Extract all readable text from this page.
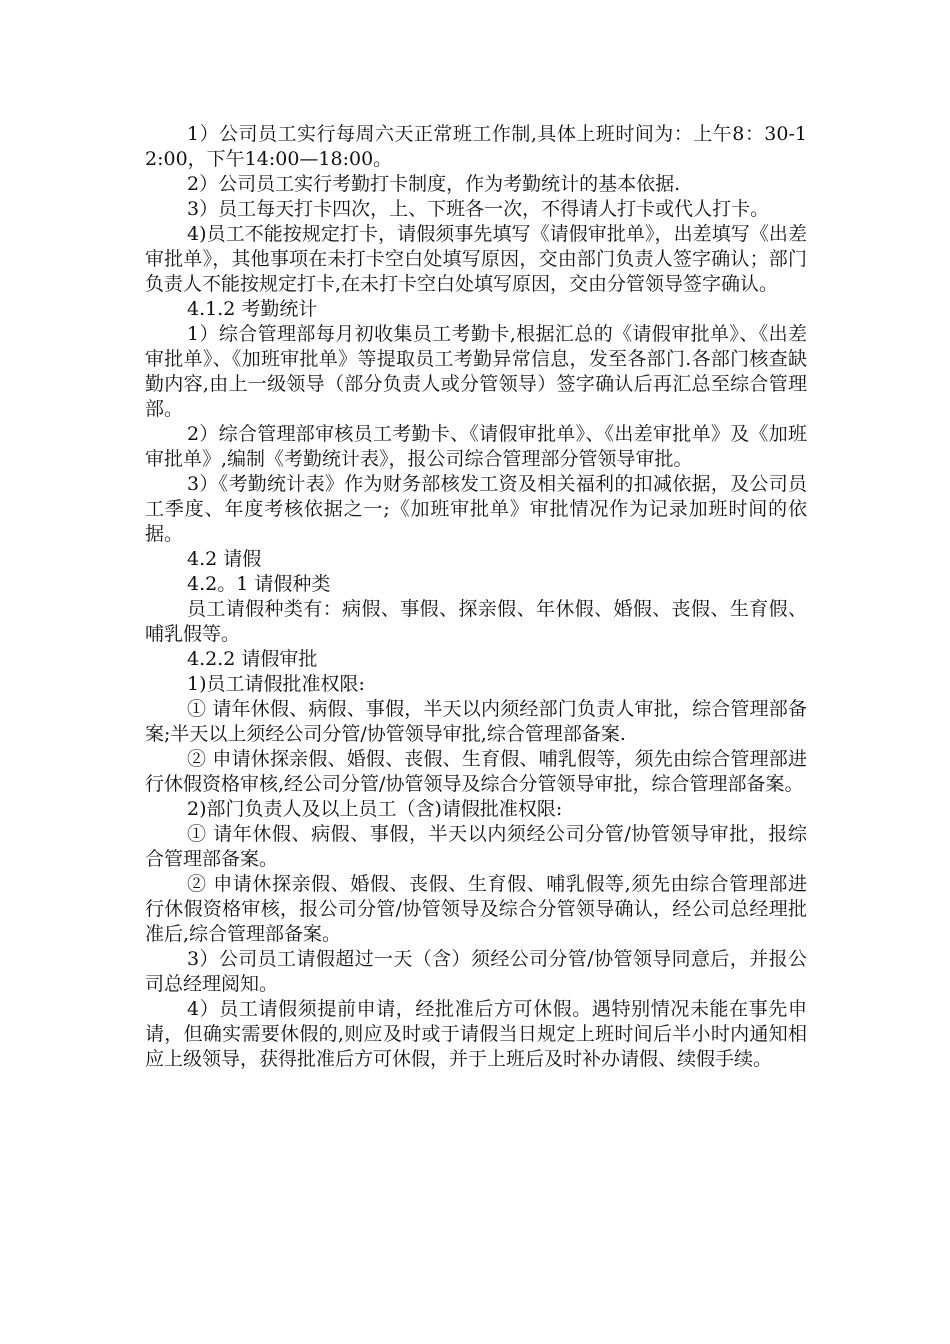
1）公司员工实行每周六天正常班工作制,具体上班时间为：上午8：30-12:00，下午14:00—18:00。

2）公司员工实行考勤打卡制度，作为考勤统计的基本依据.

3）员工每天打卡四次，上、下班各一次，不得请人打卡或代人打卡。

4)员工不能按规定打卡，请假须事先填写《请假审批单》，出差填写《出差审批单》，其他事项在未打卡空白处填写原因，交由部门负责人签字确认；部门负责人不能按规定打卡,在未打卡空白处填写原因，交由分管领导签字确认。

4.1.2 考勤统计

1）综合管理部每月初收集员工考勤卡,根据汇总的《请假审批单》、《出差审批单》、《加班审批单》等提取员工考勤异常信息，发至各部门.各部门核查缺勤内容,由上一级领导（部分负责人或分管领导）签字确认后再汇总至综合管理部。

2）综合管理部审核员工考勤卡、《请假审批单》、《出差审批单》及《加班审批单》,编制《考勤统计表》，报公司综合管理部分管领导审批。

3）《考勤统计表》作为财务部核发工资及相关福利的扣减依据，及公司员工季度、年度考核依据之一;《加班审批单》审批情况作为记录加班时间的依据。

4.2 请假

4.2。1 请假种类

员工请假种类有：病假、事假、探亲假、年休假、婚假、丧假、生育假、哺乳假等。

4.2.2 请假审批

1)员工请假批准权限:

① 请年休假、病假、事假，半天以内须经部门负责人审批，综合管理部备案;半天以上须经公司分管/协管领导审批,综合管理部备案.

② 申请休探亲假、婚假、丧假、生育假、哺乳假等，须先由综合管理部进行休假资格审核,经公司分管/协管领导及综合分管领导审批，综合管理部备案。

2)部门负责人及以上员工（含)请假批准权限:

① 请年休假、病假、事假，半天以内须经公司分管/协管领导审批，报综合管理部备案。

② 申请休探亲假、婚假、丧假、生育假、哺乳假等,须先由综合管理部进行休假资格审核，报公司分管/协管领导及综合分管领导确认，经公司总经理批准后,综合管理部备案。

3）公司员工请假超过一天（含）须经公司分管/协管领导同意后，并报公司总经理阅知。

4）员工请假须提前申请，经批准后方可休假。遇特别情况未能在事先申请，但确实需要休假的,则应及时或于请假当日规定上班时间后半小时内通知相应上级领导，获得批准后方可休假，并于上班后及时补办请假、续假手续。
